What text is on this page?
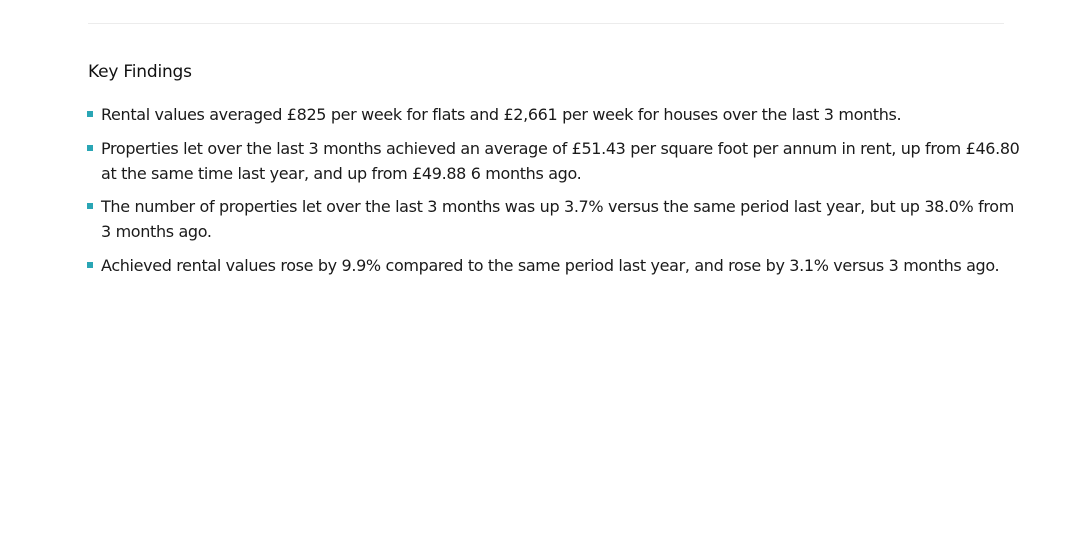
Key Findings
Rental values averaged £825 per week for flats and £2,661 per week for houses over the last 3 months.
Properties let over the last 3 months achieved an average of £51.43 per square foot per annum in rent, up from £46.80 at the same time last year, and up from £49.88 6 months ago.
The number of properties let over the last 3 months was up 3.7% versus the same period last year, but up 38.0% from 3 months ago.
Achieved rental values rose by 9.9% compared to the same period last year, and rose by 3.1% versus 3 months ago.
